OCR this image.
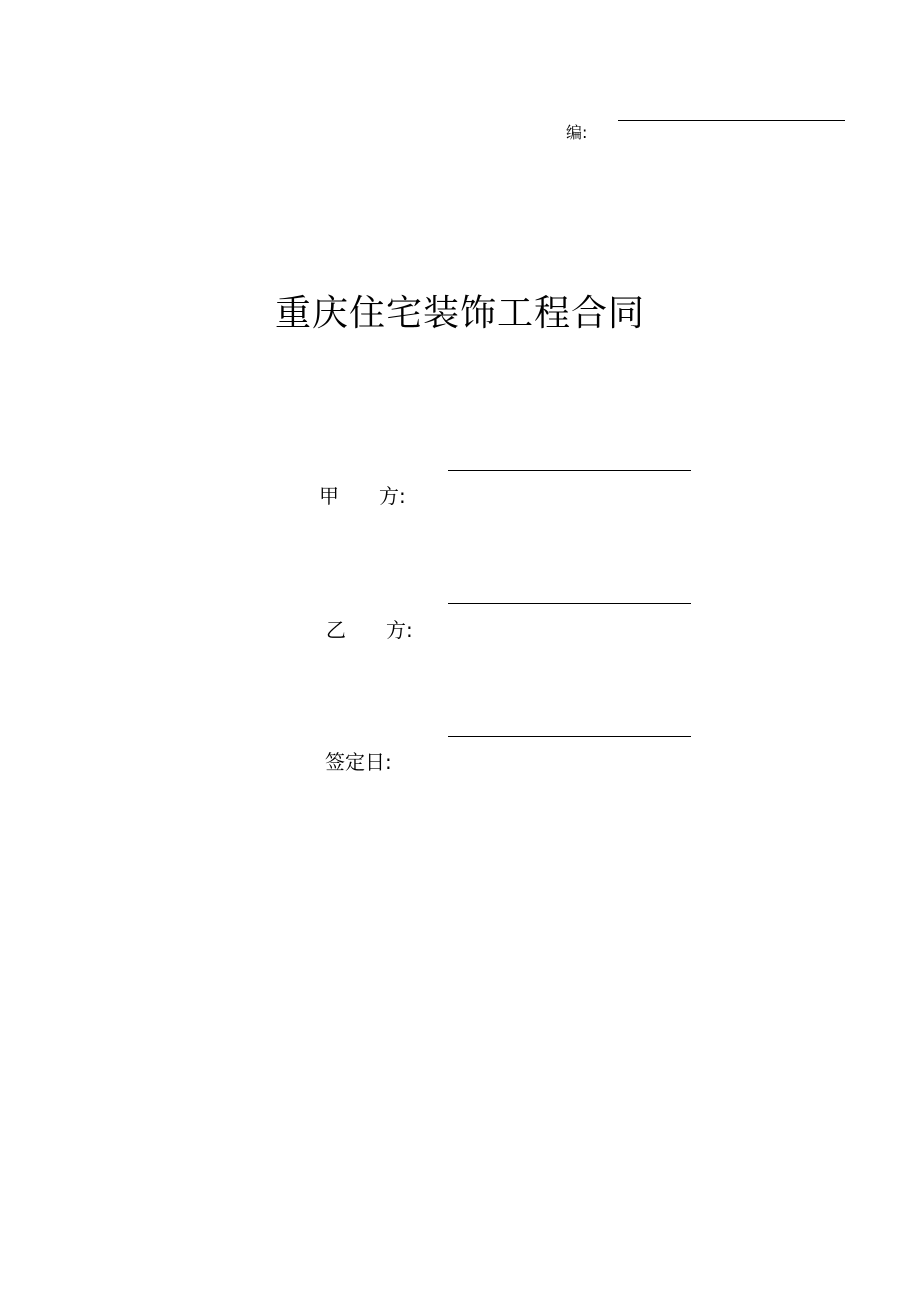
编:
重庆住宅装饰工程合同
甲　　方:
乙　　方:
签定日:
